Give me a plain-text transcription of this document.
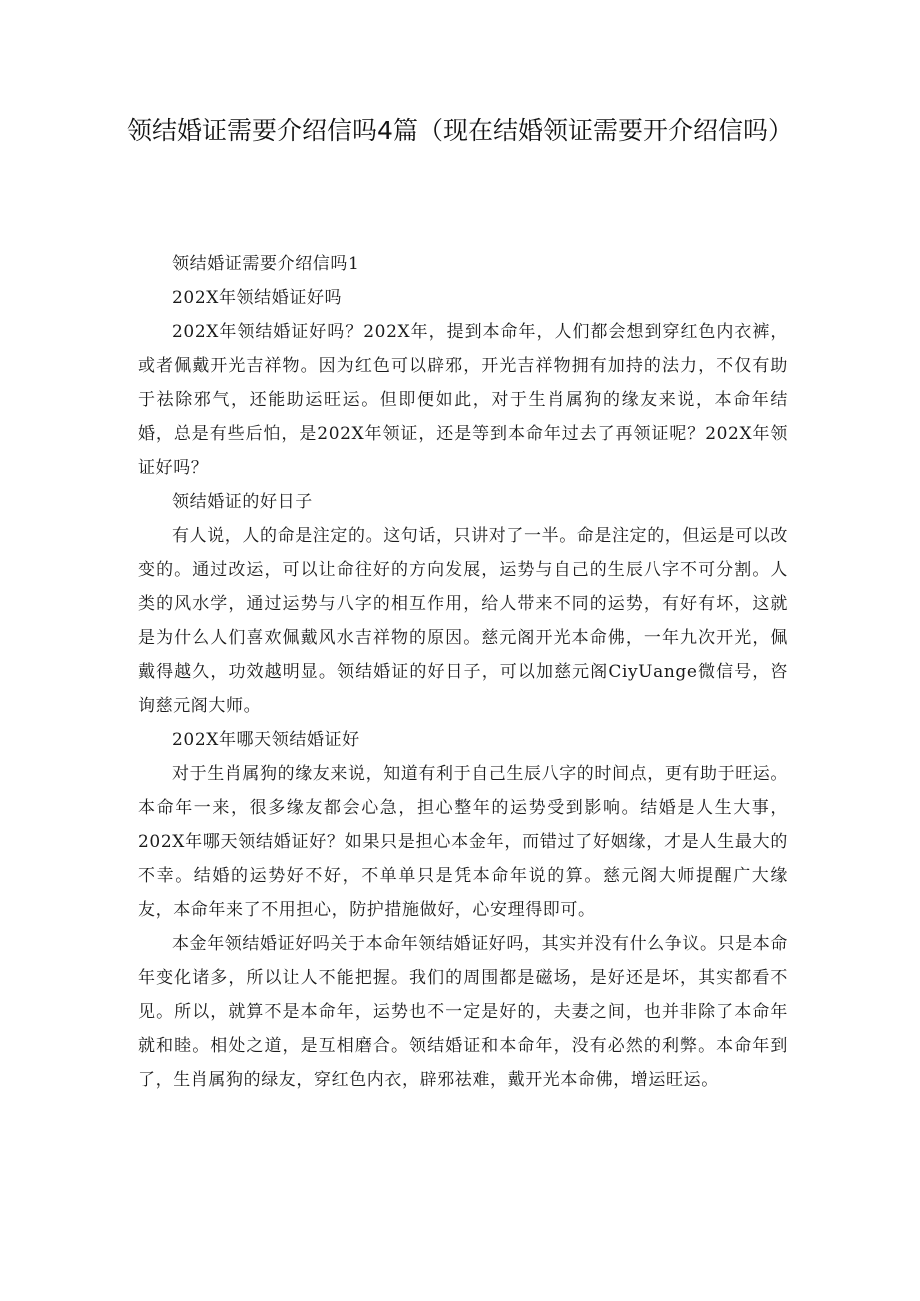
领结婚证需要介绍信吗4篇（现在结婚领证需要开介绍信吗）

领结婚证需要介绍信吗1

202X年领结婚证好吗

202X年领结婚证好吗？202X年，提到本命年，人们都会想到穿红色内衣裤，或者佩戴开光吉祥物。因为红色可以辟邪，开光吉祥物拥有加持的法力，不仅有助于祛除邪气，还能助运旺运。但即便如此，对于生肖属狗的缘友来说，本命年结婚，总是有些后怕，是202X年领证，还是等到本命年过去了再领证呢？202X年领证好吗？

领结婚证的好日子

有人说，人的命是注定的。这句话，只讲对了一半。命是注定的，但运是可以改变的。通过改运，可以让命往好的方向发展，运势与自己的生辰八字不可分割。人类的风水学，通过运势与八字的相互作用，给人带来不同的运势，有好有坏，这就是为什么人们喜欢佩戴风水吉祥物的原因。慈元阁开光本命佛，一年九次开光，佩戴得越久，功效越明显。领结婚证的好日子，可以加慈元阁CiyUange微信号，咨询慈元阁大师。

202X年哪天领结婚证好

对于生肖属狗的缘友来说，知道有利于自己生辰八字的时间点，更有助于旺运。本命年一来，很多缘友都会心急，担心整年的运势受到影响。结婚是人生大事，202X年哪天领结婚证好？如果只是担心本金年，而错过了好姻缘，才是人生最大的不幸。结婚的运势好不好，不单单只是凭本命年说的算。慈元阁大师提醒广大缘友，本命年来了不用担心，防护措施做好，心安理得即可。

本金年领结婚证好吗关于本命年领结婚证好吗，其实并没有什么争议。只是本命年变化诸多，所以让人不能把握。我们的周围都是磁场，是好还是坏，其实都看不见。所以，就算不是本命年，运势也不一定是好的，夫妻之间，也并非除了本命年就和睦。相处之道，是互相磨合。领结婚证和本命年，没有必然的利弊。本命年到了，生肖属狗的绿友，穿红色内衣，辟邪祛难，戴开光本命佛，增运旺运。
